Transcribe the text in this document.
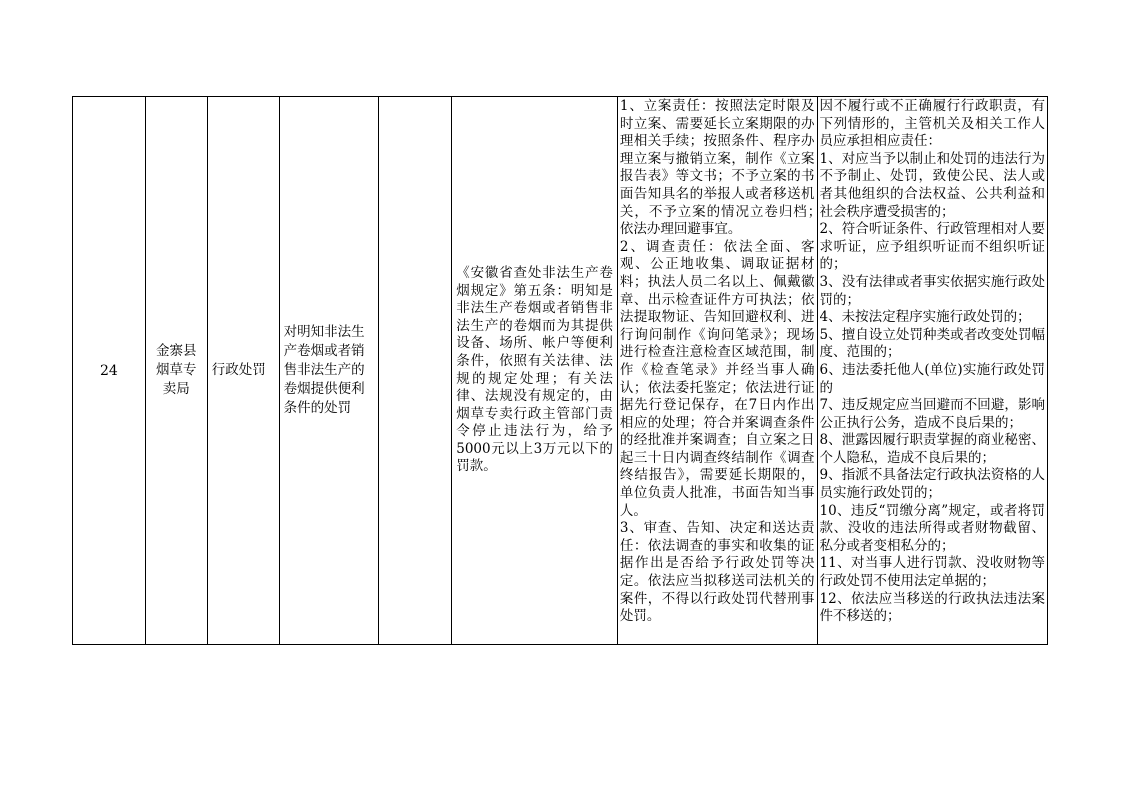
24
金寨县烟草专卖局
行政处罚
对明知非法生产卷烟或者销售非法生产的卷烟提供便利条件的处罚

《安徽省查处非法生产卷烟规定》第五条：明知是非法生产卷烟或者销售非法生产的卷烟而为其提供设备、场所、帐户等便利条件，依照有关法律、法规的规定处理；有关法律、法规没有规定的，由烟草专卖行政主管部门责令停止违法行为，给予5000元以上3万元以下的罚款。

1、立案责任：按照法定时限及时立案、需要延长立案期限的办理相关手续；按照条件、程序办理立案与撤销立案，制作《立案报告表》等文书；不予立案的书面告知具名的举报人或者移送机关，不予立案的情况立卷归档；　依法办理回避事宜。
2、调查责任：依法全面、客观、公正地收集、调取证据材料；执法人员二名以上、佩戴徽章、出示检查证件方可执法；依法提取物证、告知回避权利、进行询问制作《询问笔录》；现场进行检查注意检查区域范围，制作《检查笔录》并经当事人确认；依法委托鉴定；依法进行证据先行登记保存，在7日内作出相应的处理；符合并案调查条件的经批准并案调查；自立案之日起三十日内调查终结制作《调查终结报告》，需要延长期限的，单位负责人批准，书面告知当事人。
3、审查、告知、决定和送达责任：依法调查的事实和收集的证据作出是否给予行政处罚等决定。依法应当拟移送司法机关的案件，不得以行政处罚代替刑事处罚。

因不履行或不正确履行行政职责，有下列情形的，主管机关及相关工作人员应承担相应责任：
1、对应当予以制止和处罚的违法行为不予制止、处罚，致使公民、法人或者其他组织的合法权益、公共利益和社会秩序遭受损害的；
2、符合听证条件、行政管理相对人要求听证，应予组织听证而不组织听证的；
3、没有法律或者事实依据实施行政处罚的；
4、未按法定程序实施行政处罚的；
5、擅自设立处罚种类或者改变处罚幅度、范围的；
6、违法委托他人(单位)实施行政处罚的
7、违反规定应当回避而不回避，影响公正执行公务，造成不良后果的；
8、泄露因履行职责掌握的商业秘密、个人隐私，造成不良后果的；
9、指派不具备法定行政执法资格的人员实施行政处罚的；
10、违反“罚缴分离”规定，或者将罚款、没收的违法所得或者财物截留、私分或者变相私分的；
11、对当事人进行罚款、没收财物等行政处罚不使用法定单据的；
12、依法应当移送的行政执法违法案件不移送的；
